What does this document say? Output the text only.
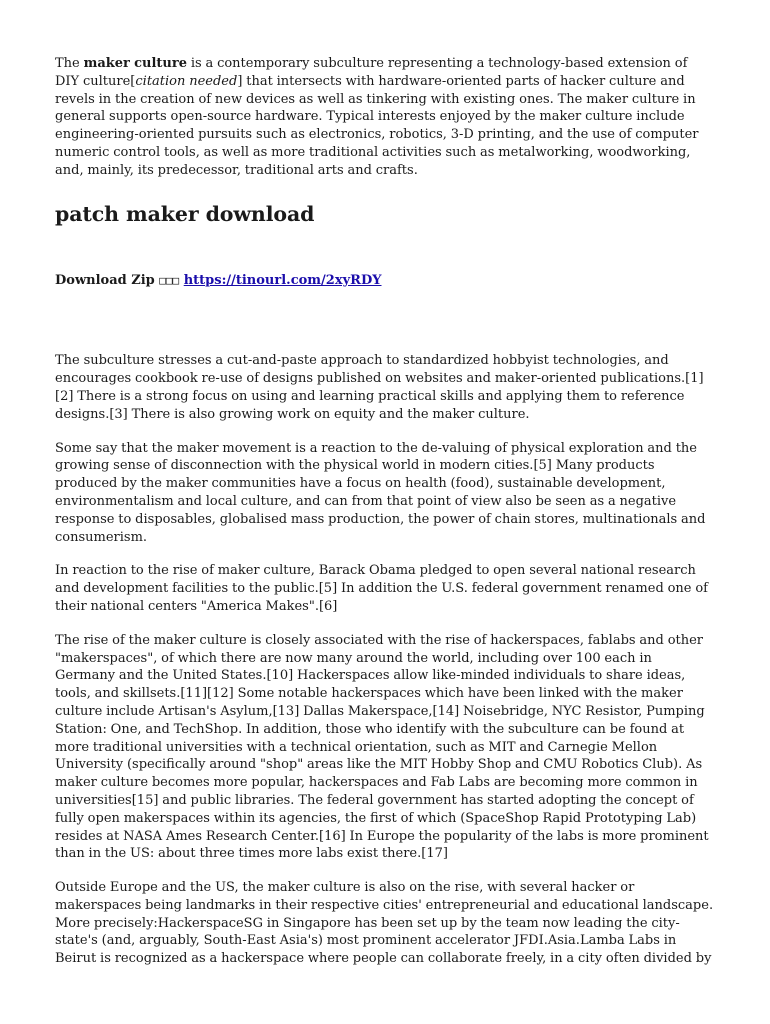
The maker culture is a contemporary subculture representing a technology-based extension of DIY culture[citation needed] that intersects with hardware-oriented parts of hacker culture and revels in the creation of new devices as well as tinkering with existing ones. The maker culture in general supports open-source hardware. Typical interests enjoyed by the maker culture include engineering-oriented pursuits such as electronics, robotics, 3-D printing, and the use of computer numeric control tools, as well as more traditional activities such as metalworking, woodworking, and, mainly, its predecessor, traditional arts and crafts.

patch maker download
Download Zip □□□ https://tinourl.com/2xyRDY

The subculture stresses a cut-and-paste approach to standardized hobbyist technologies, and encourages cookbook re-use of designs published on websites and maker-oriented publications.[1][2] There is a strong focus on using and learning practical skills and applying them to reference designs.[3] There is also growing work on equity and the maker culture.

Some say that the maker movement is a reaction to the de-valuing of physical exploration and the growing sense of disconnection with the physical world in modern cities.[5] Many products produced by the maker communities have a focus on health (food), sustainable development, environmentalism and local culture, and can from that point of view also be seen as a negative response to disposables, globalised mass production, the power of chain stores, multinationals and consumerism.

In reaction to the rise of maker culture, Barack Obama pledged to open several national research and development facilities to the public.[5] In addition the U.S. federal government renamed one of their national centers "America Makes".[6]

The rise of the maker culture is closely associated with the rise of hackerspaces, fablabs and other "makerspaces", of which there are now many around the world, including over 100 each in Germany and the United States.[10] Hackerspaces allow like-minded individuals to share ideas, tools, and skillsets.[11][12] Some notable hackerspaces which have been linked with the maker culture include Artisan's Asylum,[13] Dallas Makerspace,[14] Noisebridge, NYC Resistor, Pumping Station: One, and TechShop. In addition, those who identify with the subculture can be found at more traditional universities with a technical orientation, such as MIT and Carnegie Mellon University (specifically around "shop" areas like the MIT Hobby Shop and CMU Robotics Club). As maker culture becomes more popular, hackerspaces and Fab Labs are becoming more common in universities[15] and public libraries. The federal government has started adopting the concept of fully open makerspaces within its agencies, the first of which (SpaceShop Rapid Prototyping Lab) resides at NASA Ames Research Center.[16] In Europe the popularity of the labs is more prominent than in the US: about three times more labs exist there.[17]

Outside Europe and the US, the maker culture is also on the rise, with several hacker or makerspaces being landmarks in their respective cities' entrepreneurial and educational landscape. More precisely:HackerspaceSG in Singapore has been set up by the team now leading the city-state's (and, arguably, South-East Asia's) most prominent accelerator JFDI.Asia.Lamba Labs in Beirut is recognized as a hackerspace where people can collaborate freely, in a city often divided by
